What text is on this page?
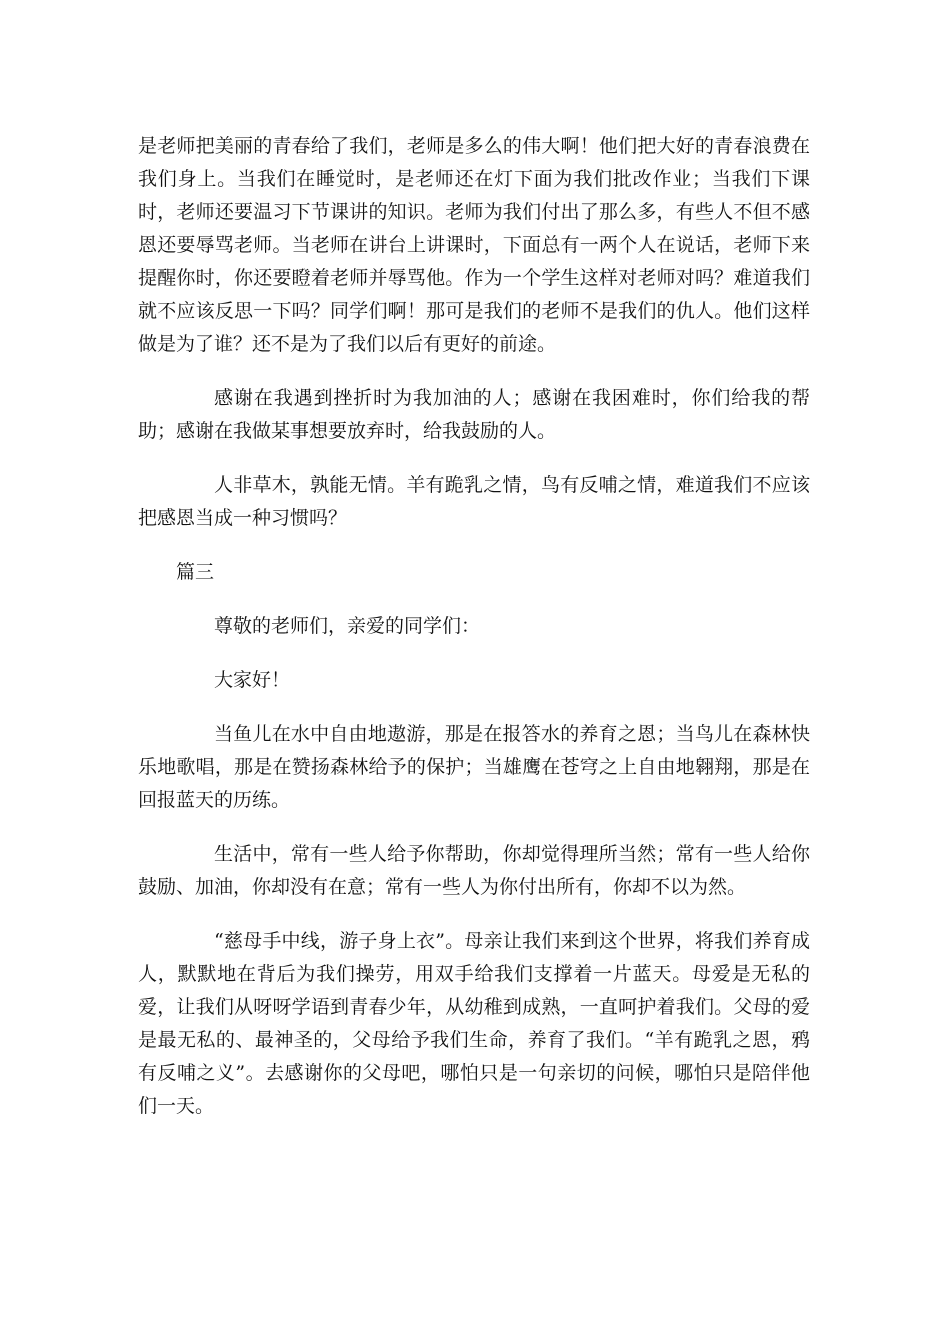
是老师把美丽的青春给了我们，老师是多么的伟大啊！他们把大好的青春浪费在我们身上。当我们在睡觉时，是老师还在灯下面为我们批改作业；当我们下课时，老师还要温习下节课讲的知识。老师为我们付出了那么多，有些人不但不感恩还要辱骂老师。当老师在讲台上讲课时，下面总有一两个人在说话，老师下来提醒你时，你还要瞪着老师并辱骂他。作为一个学生这样对老师对吗？难道我们就不应该反思一下吗？同学们啊！那可是我们的老师不是我们的仇人。他们这样做是为了谁？还不是为了我们以后有更好的前途。

感谢在我遇到挫折时为我加油的人；感谢在我困难时，你们给我的帮助；感谢在我做某事想要放弃时，给我鼓励的人。

人非草木，孰能无情。羊有跪乳之情，鸟有反哺之情，难道我们不应该把感恩当成一种习惯吗？

篇三

尊敬的老师们，亲爱的同学们：

大家好！

当鱼儿在水中自由地遨游，那是在报答水的养育之恩；当鸟儿在森林快乐地歌唱，那是在赞扬森林给予的保护；当雄鹰在苍穹之上自由地翱翔，那是在回报蓝天的历练。

生活中，常有一些人给予你帮助，你却觉得理所当然；常有一些人给你鼓励、加油，你却没有在意；常有一些人为你付出所有，你却不以为然。

“慈母手中线，游子身上衣”。母亲让我们来到这个世界，将我们养育成人，默默地在背后为我们操劳，用双手给我们支撑着一片蓝天。母爱是无私的爱，让我们从呀呀学语到青春少年，从幼稚到成熟，一直呵护着我们。父母的爱是最无私的、最神圣的，父母给予我们生命，养育了我们。“羊有跪乳之恩，鸦有反哺之义”。去感谢你的父母吧，哪怕只是一句亲切的问候，哪怕只是陪伴他们一天。
